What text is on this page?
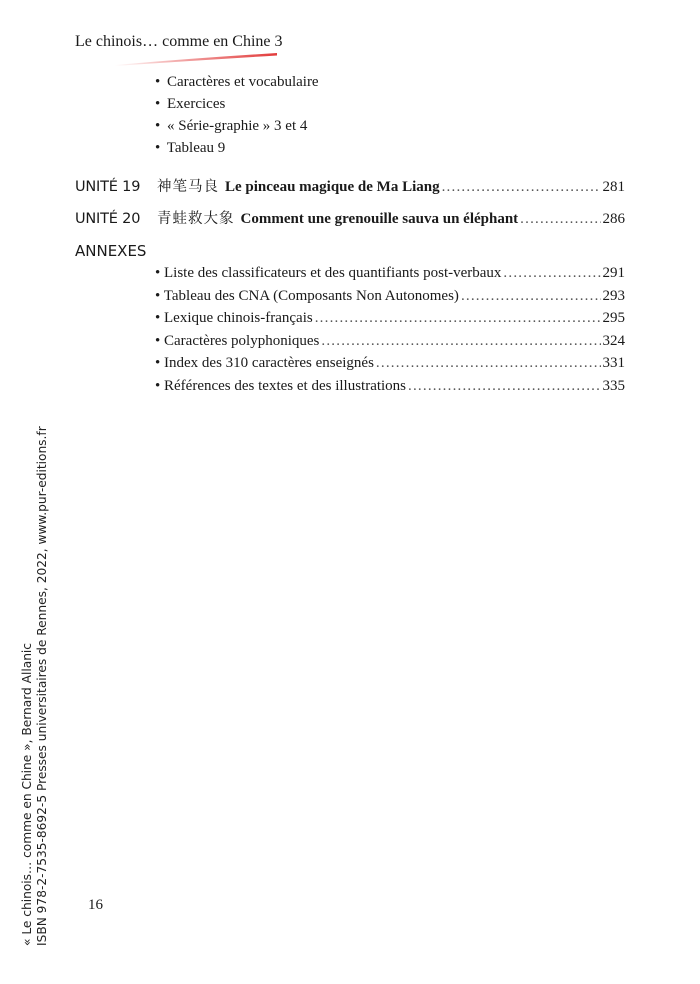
Le chinois… comme en Chine 3
• Caractères et vocabulaire
• Exercices
• « Série-graphie » 3 et 4
• Tableau 9
UNITÉ 19	神笔马良 Le pinceau magique de Ma Liang .....	281
UNITÉ 20	青蛙救大象 Comment une grenouille sauva un éléphant .....	286
ANNEXES
• Liste des classificateurs et des quantifiants post-verbaux .....	291
• Tableau des CNA (Composants Non Autonomes) .....	293
• Lexique chinois-français .....	295
• Caractères polyphoniques .....	324
• Index des 310 caractères enseignés .....	331
• Références des textes et des illustrations .....	335
« Le chinois… comme en Chine », Bernard Allanic ISBN 978-2-7535-8692-5 Presses universitaires de Rennes, 2022, www.pur-editions.fr	16
